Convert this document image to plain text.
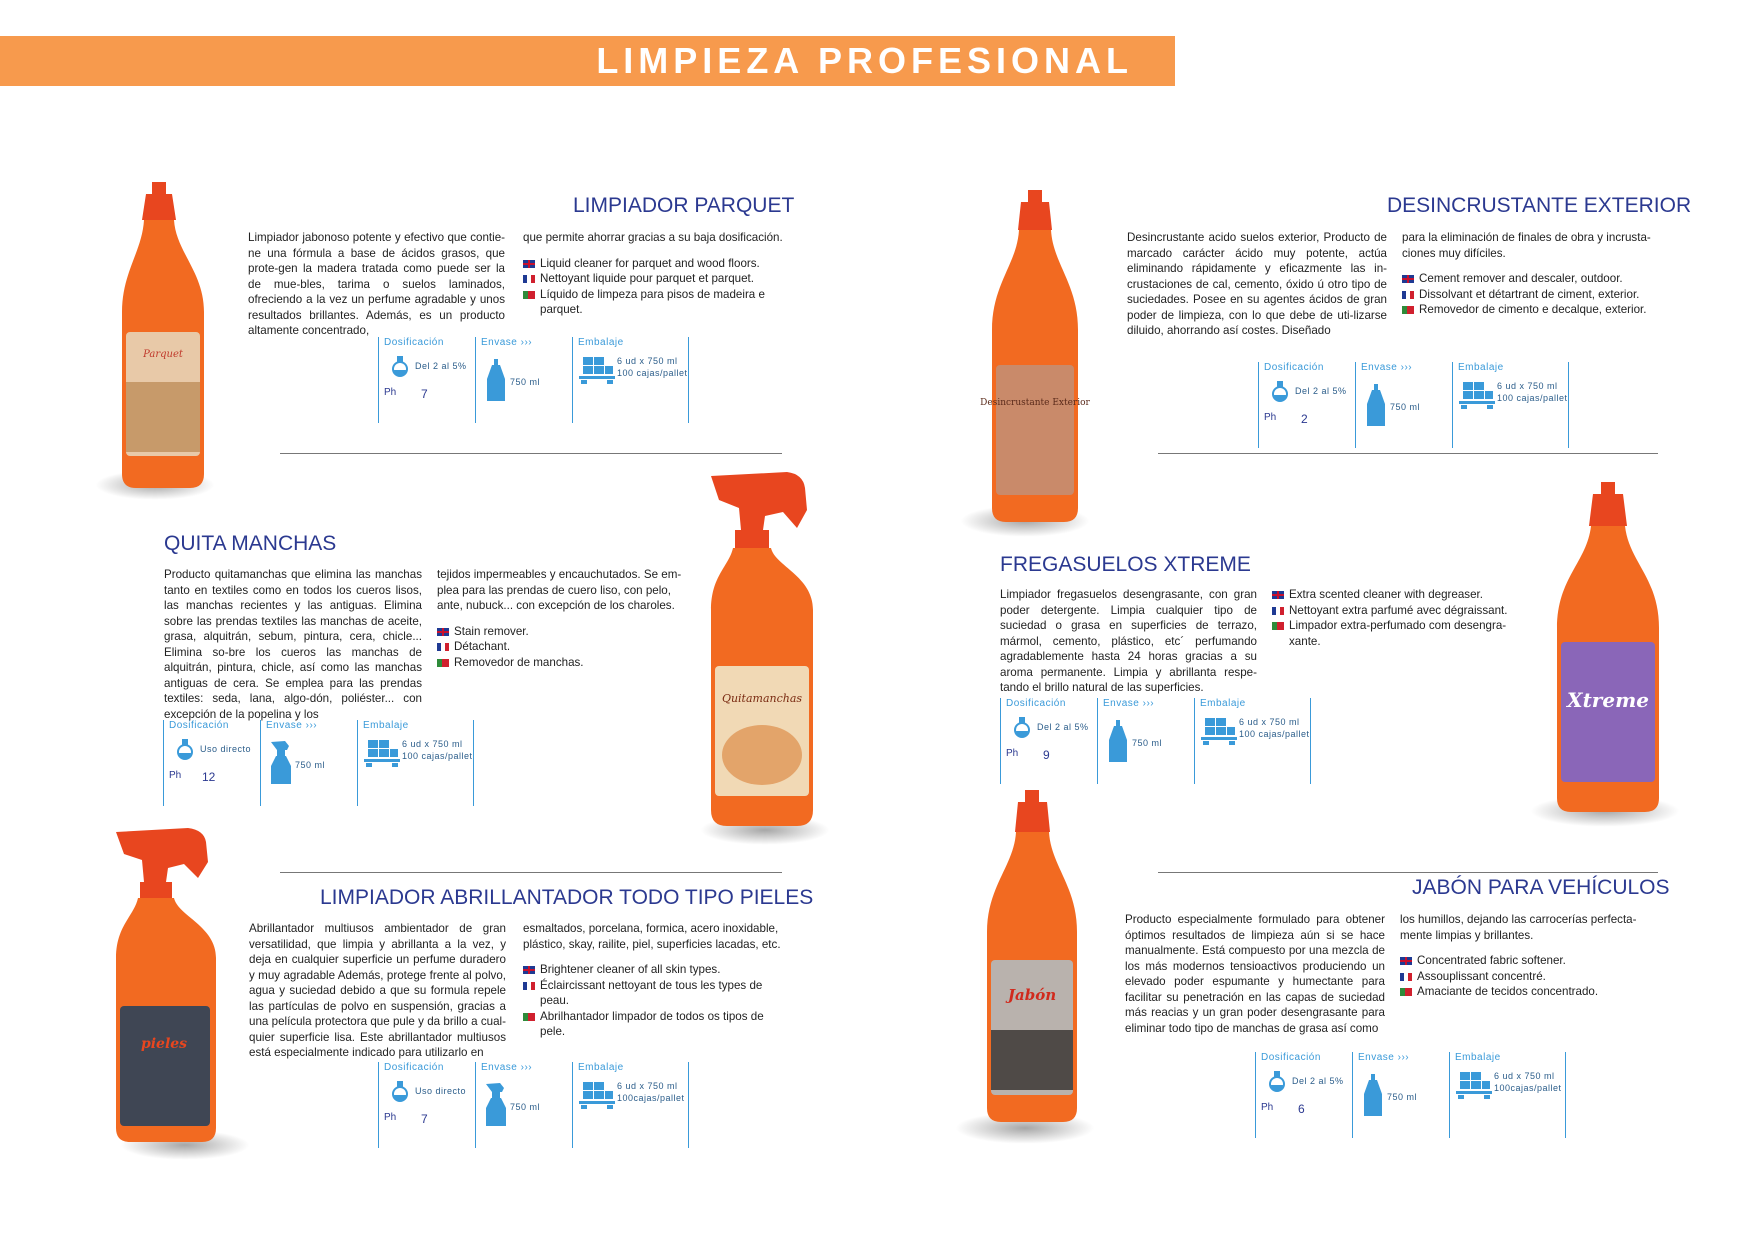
LIMPIEZA PROFESIONAL
Parquet
LIMPIADOR PARQUET
Limpiador jabonoso potente y efectivo que contie-ne una fórmula a base de ácidos grasos, que prote-gen la madera tratada como puede ser la de mue-bles, tarima o suelos laminados, ofreciendo a la vez un perfume agradable y unos resultados brillantes. Además, es un producto altamente concentrado,

que permite ahorrar gracias a su baja dosificación.

Liquid cleaner for parquet and wood floors.
Nettoyant liquide pour parquet et parquet.
Líquido de limpeza para pisos de madeira e parquet.
Dosificación
Del 2 al 5%
Ph 7
Envase ›››
750 ml
Embalaje
6 ud x 750 ml
100 cajas/pallet
Desincrustante Exterior
DESINCRUSTANTE EXTERIOR
Desincrustante acido suelos exterior, Producto de marcado carácter ácido muy potente, actúa eliminando rápidamente y eficazmente las in-crustaciones de cal, cemento, óxido ú otro tipo de suciedades. Posee en su agentes ácidos de gran poder de limpieza, con lo que debe de uti-lizarse diluido, ahorrando así costes. Diseñado

para la eliminación de finales de obra y incrusta-ciones muy difíciles.

Cement remover and descaler, outdoor.
Dissolvant et détartrant de ciment, exterior.
Removedor de cimento e decalque, exterior.
Dosificación
Del 2 al 5%
Ph 2
Envase ›››
750 ml
Embalaje
6 ud x 750 ml
100 cajas/pallet
Quitamanchas
QUITA MANCHAS
Producto quitamanchas que elimina las manchas tanto en textiles como en todos los cueros lisos, las manchas recientes y las antiguas. Elimina sobre las prendas textiles las manchas de aceite, grasa, alquitrán, sebum, pintura, cera, chicle... Elimina so-bre los cueros las manchas de alquitrán, pintura, chicle, así como las manchas antiguas de cera. Se emplea para las prendas textiles: seda, lana, algo-dón, poliéster... con excepción de la popelina y los

tejidos impermeables y encauchutados. Se em-plea para las prendas de cuero liso, con pelo, ante, nubuck... con excepción de los charoles.

Stain remover.
Détachant.
Removedor de manchas.
Dosificación
Uso directo
Ph 12
Envase ›››
750 ml
Embalaje
6 ud x 750 ml
100 cajas/pallet
Xtreme
FREGASUELOS XTREME
Limpiador fregasuelos desengrasante, con gran poder detergente. Limpia cualquier tipo de suciedad o grasa en superficies de terrazo, mármol, cemento, plástico, etc´ perfumando agradablemente hasta 24 horas gracias a su aroma permanente. Limpia y abrillanta respe-tando el brillo natural de las superficies.
Extra scented cleaner with degreaser.
Nettoyant extra parfumé avec dégraissant.
Limpador extra-perfumado com desengra-xante.
Dosificación
Del 2 al 5%
Ph 9
Envase ›››
750 ml
Embalaje
6 ud x 750 ml
100 cajas/pallet
pieles
LIMPIADOR ABRILLANTADOR TODO TIPO PIELES
Abrillantador multiusos ambientador de gran versatilidad, que limpia y abrillanta a la vez, y deja en cualquier superficie un perfume duradero y muy agradable Además, protege frente al polvo, agua y suciedad debido a que su formula repele las partículas de polvo en suspensión, gracias a una película protectora que pule y da brillo a cual-quier superficie lisa. Este abrillantador multiusos está especialmente indicado para utilizarlo en

esmaltados, porcelana, formica, acero inoxidable, plástico, skay, railite, piel, superficies lacadas, etc.

Brightener cleaner of all skin types.
Éclaircissant nettoyant de tous les types de peau.
Abrilhantador limpador de todos os tipos de pele.
Dosificación
Uso directo
Ph 7
Envase ›››
750 ml
Embalaje
6 ud x 750 ml
100cajas/pallet
Jabón
JABÓN PARA VEHÍCULOS
Producto especialmente formulado para obtener óptimos resultados de limpieza aún si se hace manualmente. Está compuesto por una mezcla de los más modernos tensioactivos produciendo un elevado poder espumante y humectante para facilitar su penetración en las capas de suciedad más reacias y un gran poder desengrasante para eliminar todo tipo de manchas de grasa así como

los humillos, dejando las carrocerías perfecta-mente limpias y brillantes.

Concentrated fabric softener.
Assouplissant concentré.
Amaciante de tecidos concentrado.
Dosificación
Del 2 al 5%
Ph 6
Envase ›››
750 ml
Embalaje
6 ud x 750 ml
100cajas/pallet
